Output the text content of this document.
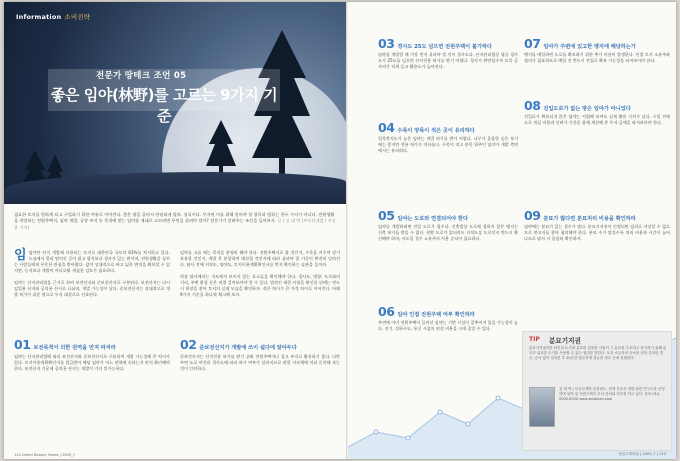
Information 소비전략
전문가 땅테크 조언 05
좋은 임야(林野)를 고르는 9가지 기준
필요한 토지를 원하게 되고 구입하기 위한 여유로 이어진다. 좋은 땅을 골라서 단념하게 말라. 상식이다. 투자된 이를 위해 알아야 할 항목과 범위는 한두 가지가 아니다. 전원생활을 희망하는 전원주택지, 임야 개발, 공장 부지 등 목적에 맞는 임야를 제대로 고르려면 무엇을 살펴야 할까? 전문가가 알려주는 조언을 들어보자. 글 | 김 대 박 (부동산개발 / 지상종 기자)
임임야란 산지 개발에 사용되는 토지로 대한민국 국토의 63%를 차지하고 있다. 도심에서 멀리 떨어진 곳이 많고 평지보다 경사가 있는 편이며, 전원생활을 꿈꾸는 사람들에게 꾸준한 관심을 받아왔다. 값이 상대적으로 싸고 넓은 면적을 확보할 수 있지만, 농지보다 개발이 까다로워 세심한 검토가 필요하다.

임야는 산지관리법을 근거로 하여 보전산지와 준보전산지로 구분된다. 보전산지는 다시 임업용 산지와 공익용 산지로 나뉘며, 개발 가능성이 낮다. 준보전산지는 상대적으로 개발 허가가 쉬운 편으로 투자 대상으로 선호된다.
01 보전목적이 의한 권역을 먼저 따져라
임야는 산지관리법에 따라 보전산지와 준보전산지로 구분되며 개발 가능성에 큰 차이가 있다. 토지이용계획확인서를 발급받아 해당 임야가 어느 권역에 속하는지 먼저 확인해야 한다. 보전산지 가운데 공익용 산지는 개발이 거의 불가능하다.
임야를 고를 때는 목적을 분명히 해야 한다. 전원주택지로 쓸 것인지, 수목을 키우며 장기 보유할 것인지, 개발 후 분할하여 매각할 것인지에 따라 살펴야 할 기준이 완전히 달라진다. 답사 전에 지적도, 임야도, 토지이용계획확인서를 먼저 확인하는 습관을 들이자.

현장 답사에서는 지도에서 보이지 않는 요소들을 확인해야 한다. 경사도, 방향, 도로와의 거리, 주변 환경 등은 직접 걸어보아야 알 수 있다. 법적인 제한 사항을 확인한 뒤에는 반드시 현장을 찾아 토지의 실제 모습을 확인하자. 작은 차이가 큰 가격 차이로 이어진다. 아래 9가지 기준을 하나씩 체크해 보자.
02 준보전산지가 개발에 쓰이 쉽다에 알아두다
준보전산지는 산지전용 허가를 받기 쉬워 전원주택이나 창고 부지로 활용하기 좋다. 다만 주변 도로 여건과 경사도에 따라 허가 여부가 달라지므로 관할 지자체에 미리 문의해 보는 것이 안전하다.
114 Green Beauty Home | 2009_7
03 경사도 25도 넘으면 전원주택이 불가하다
임야를 개발할 때 가장 먼저 살펴야 할 것이 경사도다. 산지관리법상 평균 경사도가 25도를 넘으면 산지전용 허가를 받기 어렵다. 경사가 완만할수록 토목 공사비가 적게 들고 활용도가 높아진다.
04 수목이 양목이 적은 곳이 유리하다
입목축적도가 높은 임야는 개발 허가를 받기 어렵다. 나무가 울창한 숲은 보기에는 좋지만 전용 허가가 까다롭다. 수목이 적고 관목 위주인 임야가 개발 측면에서는 유리하다.
05 임야는 도로와 연결되어야 한다
임야를 개발하려면 진입 도로가 필수다. 건축법상 도로에 접하지 않은 맹지는 건축 허가를 받을 수 없다. 현황 도로가 있더라도 지적도상 도로인지 반드시 확인해야 하며, 사도일 경우 소유주의 사용 승낙이 필요하다.
06 임야 인접 전원주택 여부 확인하라
주변에 이미 전원주택이 들어선 임야는 기반 시설이 갖추어져 있을 가능성이 높다. 전기, 상하수도, 통신 시설의 연결 비용을 크게 줄일 수 있다.
07 임야가 주변에 있고한 맹지에 해당하는가
맹지를 매입하면 도로를 확보하기 위한 추가 비용이 발생한다. 인접 토지 소유주와 협의가 필요하므로 매입 전 반드시 진입로 확보 가능성을 따져보아야 한다.
08 진입도로가 없는 땅은 임야가 아니었다
진입로가 확보되지 않은 임야는 저렴해 보여도 실제 활용 가치가 낮다. 구입 전에 도로 개설 비용과 인허가 기간을 함께 계산해 총 투자 금액을 따져보아야 한다.
09 분묘가 많다면 분묘처리 비용을 확인하라
임야에는 분묘가 있는 경우가 많다. 분묘기지권이 인정되면 임의로 이장할 수 없으므로 연고자를 찾아 협의해야 한다. 분묘 수가 많을수록 처리 비용과 시간이 늘어나므로 답사 시 꼼꼼히 확인하자.
TIP 분묘기지권
분묘기지권이란 타인의 토지에 분묘를 설치한 사람이 그 분묘를 수호하고 봉사하기 위해 분묘가 위치한 토지를 사용할 수 있는 권리를 말한다. 토지 소유자의 승낙을 얻어 설치한 경우, 승낙 없이 설치한 후 20년간 평온하게 점유한 경우 등에 성립한다.
김 대 박 | 부동산개발 컨설턴트. 현재 부동산 개발 관련 연구소를 운영하며 임야 및 전원주택지 투자 강의와 자문을 하고 있다. 문의 010-0000-0000 www.landplan.com
전원주택마을 | 2009_7 | 115
